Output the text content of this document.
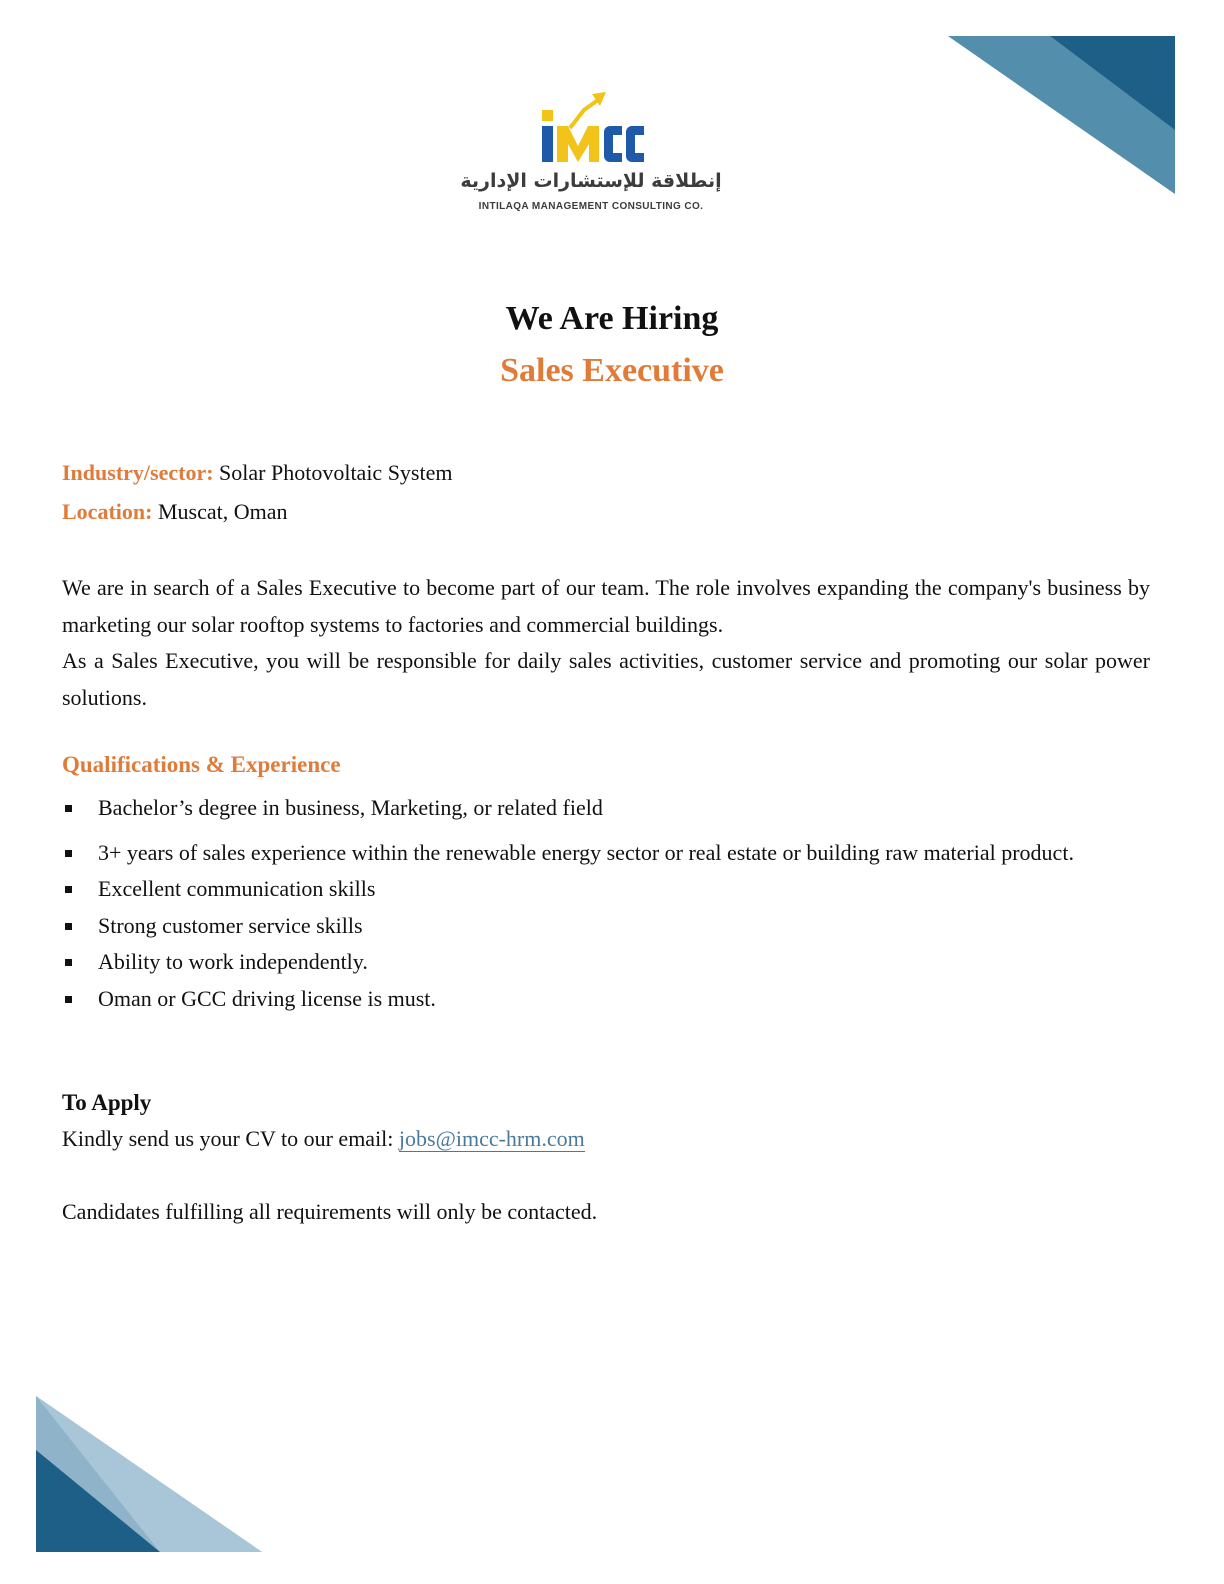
إنطلاقة للإستشارات الإدارية
INTILAQA MANAGEMENT CONSULTING CO.
We Are Hiring
Sales Executive
Industry/sector: Solar Photovoltaic System
Location: Muscat, Oman

We are in search of a Sales Executive to become part of our team. The role involves expanding the company's business by marketing our solar rooftop systems to factories and commercial buildings.

As a Sales Executive, you will be responsible for daily sales activities, customer service and promoting our solar power solutions.

Qualifications & Experience
Bachelor’s degree in business, Marketing, or related field
3+ years of sales experience within the renewable energy sector or real estate or building raw material product.
Excellent communication skills
Strong customer service skills
Ability to work independently.
Oman or GCC driving license is must.
To Apply
Kindly send us your CV to our email: jobs@imcc-hrm.com
Candidates fulfilling all requirements will only be contacted.
